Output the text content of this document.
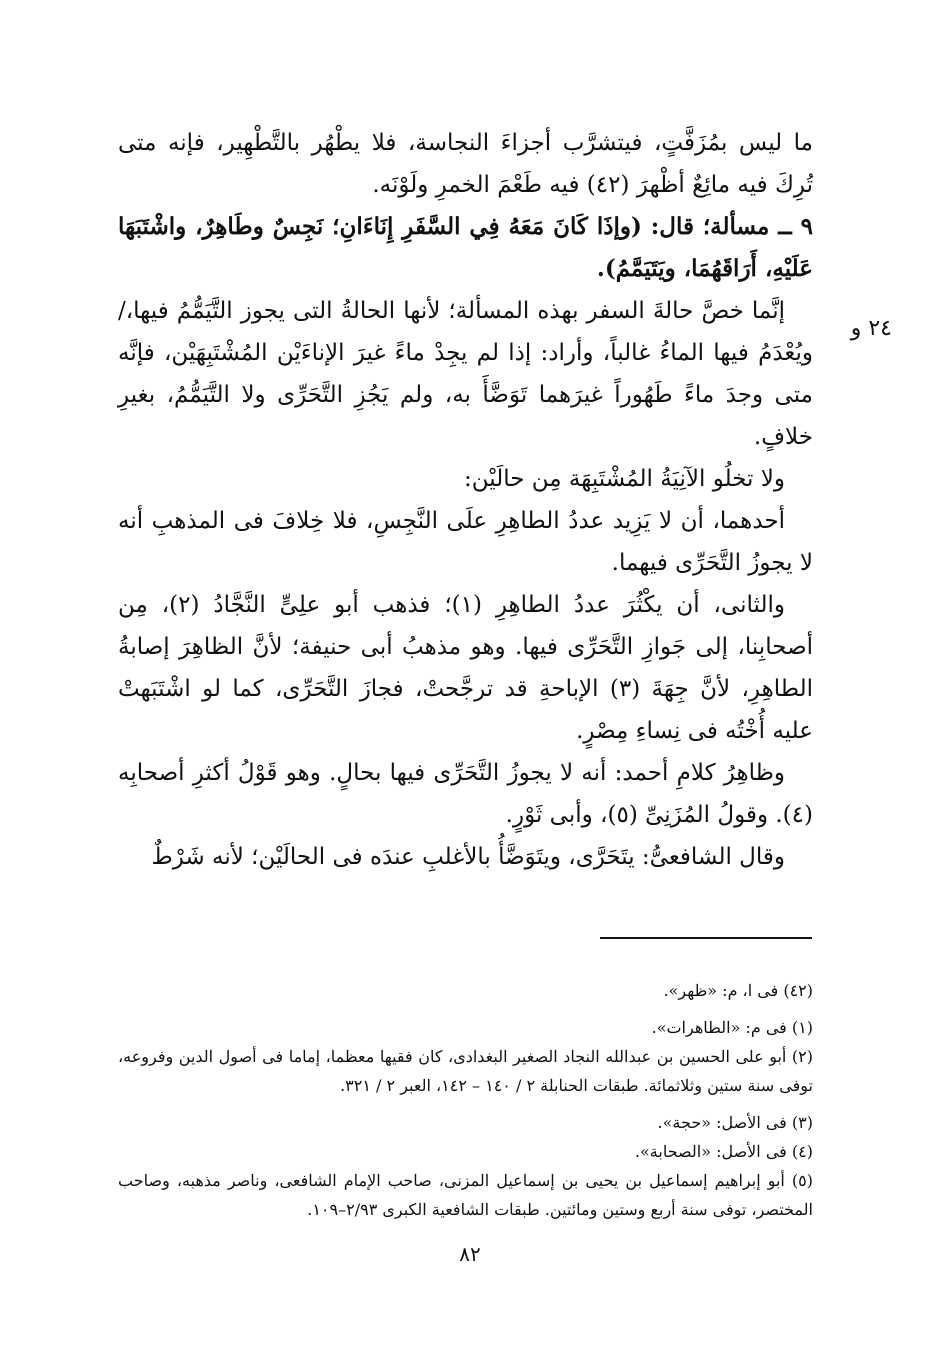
٢٤ و

ما ليس بمُزَفَّتٍ، فيتشرَّب أجزاءَ النجاسة، فلا يطْهُر بالتَّطْهِير، فإنه متى تُرِكَ فيه مائِعٌ أظْهرَ (٤٢) فيه طَعْمَ الخمرِ ولَوْنَه.

٩ ــ مسألة؛ قال: (وإذَا كَانَ مَعَهُ فِي السَّفَرِ إِنَاءَانِ؛ نَجِسٌ وطَاهِرٌ، واشْتَبَهَا عَلَيْهِ، أَرَاقَهُمَا، ويَتَيَمَّمُ).

إنَّما خصَّ حالةَ السفر بهذه المسألة؛ لأنها الحالةُ التى يجوز التَّيَمُّمُ فيها،/ ويُعْدَمُ فيها الماءُ غالباً، وأراد: إذا لم يجِدْ ماءً غيرَ الإناءَيْن المُشْتَبِهَيْن، فإنَّه متى وجدَ ماءً طَهُوراً غيرَهما تَوَضَّأَ به، ولم يَجُزِ التَّحَرِّى ولا التَّيَمُّمُ، بغيرِ خلافٍ.

ولا تخلُو الآنِيَةُ المُشْتَبِهَة مِن حالَيْن:

أحدهما، أن لا يَزِيد عددُ الطاهِرِ علَى النَّجِسِ، فلا خِلافَ فى المذهبِ أنه لا يجوزُ التَّحَرِّى فيهما.

والثانى، أن يكْثُرَ عددُ الطاهِرِ (١)؛ فذهب أبو علِىٍّ النَّجَّادُ (٢)، مِن أصحابِنا، إلى جَوازِ التَّحَرِّى فيها. وهو مذهبُ أبى حنيفة؛ لأنَّ الظاهِرَ إصابةُ الطاهِرِ، لأنَّ جِهَةَ (٣) الإباحةِ قد ترجَّحتْ، فجازَ التَّحَرِّى، كما لو اشْتَبَهتْ عليه أُخْتُه فى نِساءِ مِصْرٍ.

وظاهِرُ كلامِ أحمد: أنه لا يجوزُ التَّحَرِّى فيها بحالٍ. وهو قَوْلُ أكثرِ أصحابِه (٤). وقولُ المُزَنِىِّ (٥)، وأبى ثَوْرٍ.

وقال الشافعىُّ: يتَحَرَّى، ويتَوَضَّأُ بالأغلبِ عندَه فى الحالَيْن؛ لأنه شَرْطٌ

(٤٢) فى ا، م: «ظهر».

(١) فى م: «الطاهرات».

(٢) أبو على الحسين بن عبدالله النجاد الصغير البغدادى، كان فقيها معظما، إماما فى أصول الدين وفروعه، توفى سنة ستين وثلاثمائة. طبقات الحنابلة ٢ / ١٤٠ – ١٤٢، العبر ٢ / ٣٢١.

(٣) فى الأصل: «حجة».

(٤) فى الأصل: «الصحابة».

(٥) أبو إبراهيم إسماعيل بن يحيى بن إسماعيل المزنى، صاحب الإمام الشافعى، وناصر مذهبه، وصاحب المختصر، توفى سنة أربع وستين ومائتين. طبقات الشافعية الكبرى ٢/٩٣–١٠٩.

٨٢
